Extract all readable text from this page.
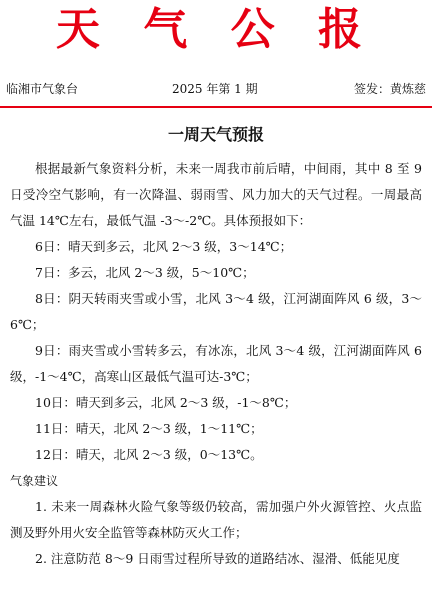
天 气 公 报
临湘市气象台	2025 年第 1 期	签发：黄炼慈
一周天气预报

根据最新气象资料分析，未来一周我市前后晴，中间雨，其中 8 至 9 日受冷空气影响，有一次降温、弱雨雪、风力加大的天气过程。一周最高气温 14℃左右，最低气温 -3～-2℃。具体预报如下：

6日：晴天到多云，北风 2～3 级，3～14℃；

7日：多云，北风 2～3 级，5～10℃；

8日：阴天转雨夹雪或小雪，北风 3～4 级，江河湖面阵风 6 级，3～6℃；

9日：雨夹雪或小雪转多云，有冰冻，北风 3～4 级，江河湖面阵风 6 级，-1～4℃，高寒山区最低气温可达-3℃；

10日：晴天到多云，北风 2～3 级，-1～8℃；

11日：晴天，北风 2～3 级，1～11℃；

12日：晴天，北风 2～3 级，0～13℃。

气象建议

1. 未来一周森林火险气象等级仍较高，需加强户外火源管控、火点监测及野外用火安全监管等森林防灭火工作；

2. 注意防范 8～9 日雨雪过程所导致的道路结冰、湿滑、低能见度
